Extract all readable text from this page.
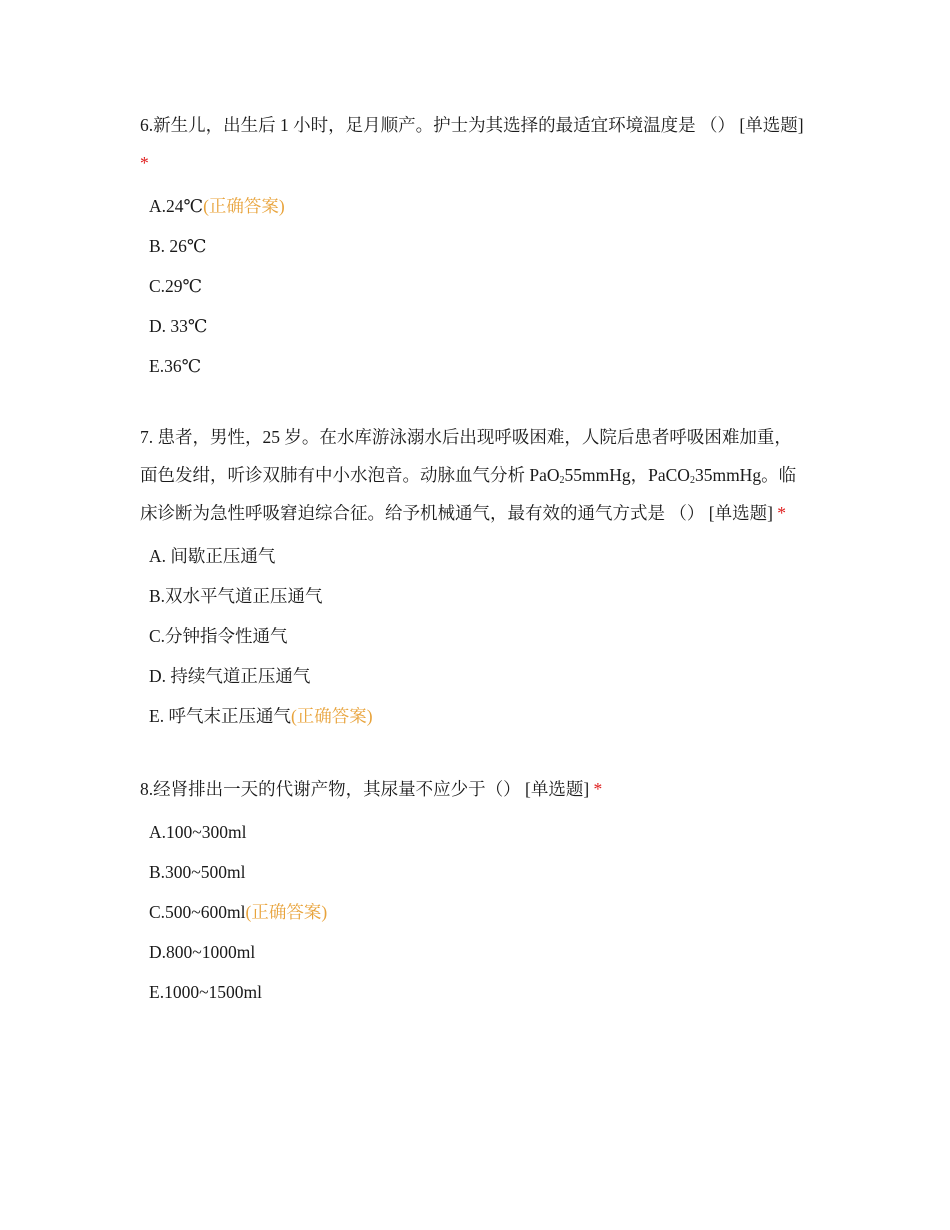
6.新生儿，出生后 1 小时，足月顺产。护士为其选择的最适宜环境温度是 （） [单选题] *

A.24℃(正确答案)
B. 26℃
C.29℃
D. 33℃
E.36℃

7. 患者，男性，25 岁。在水库游泳溺水后出现呼吸困难，人院后患者呼吸困难加重，面色发绀，听诊双肺有中小水泡音。动脉血气分析 PaO$_2$55mmHg，PaCO$_2$35mmHg。临床诊断为急性呼吸窘迫综合征。给予机械通气，最有效的通气方式是 （） [单选题] *

A. 间歇正压通气
B.双水平气道正压通气
C.分钟指令性通气
D. 持续气道正压通气
E. 呼气末正压通气(正确答案)

8.经肾排出一天的代谢产物，其尿量不应少于（） [单选题] *

A.100~300ml
B.300~500ml
C.500~600ml(正确答案)
D.800~1000ml
E.1000~1500ml
